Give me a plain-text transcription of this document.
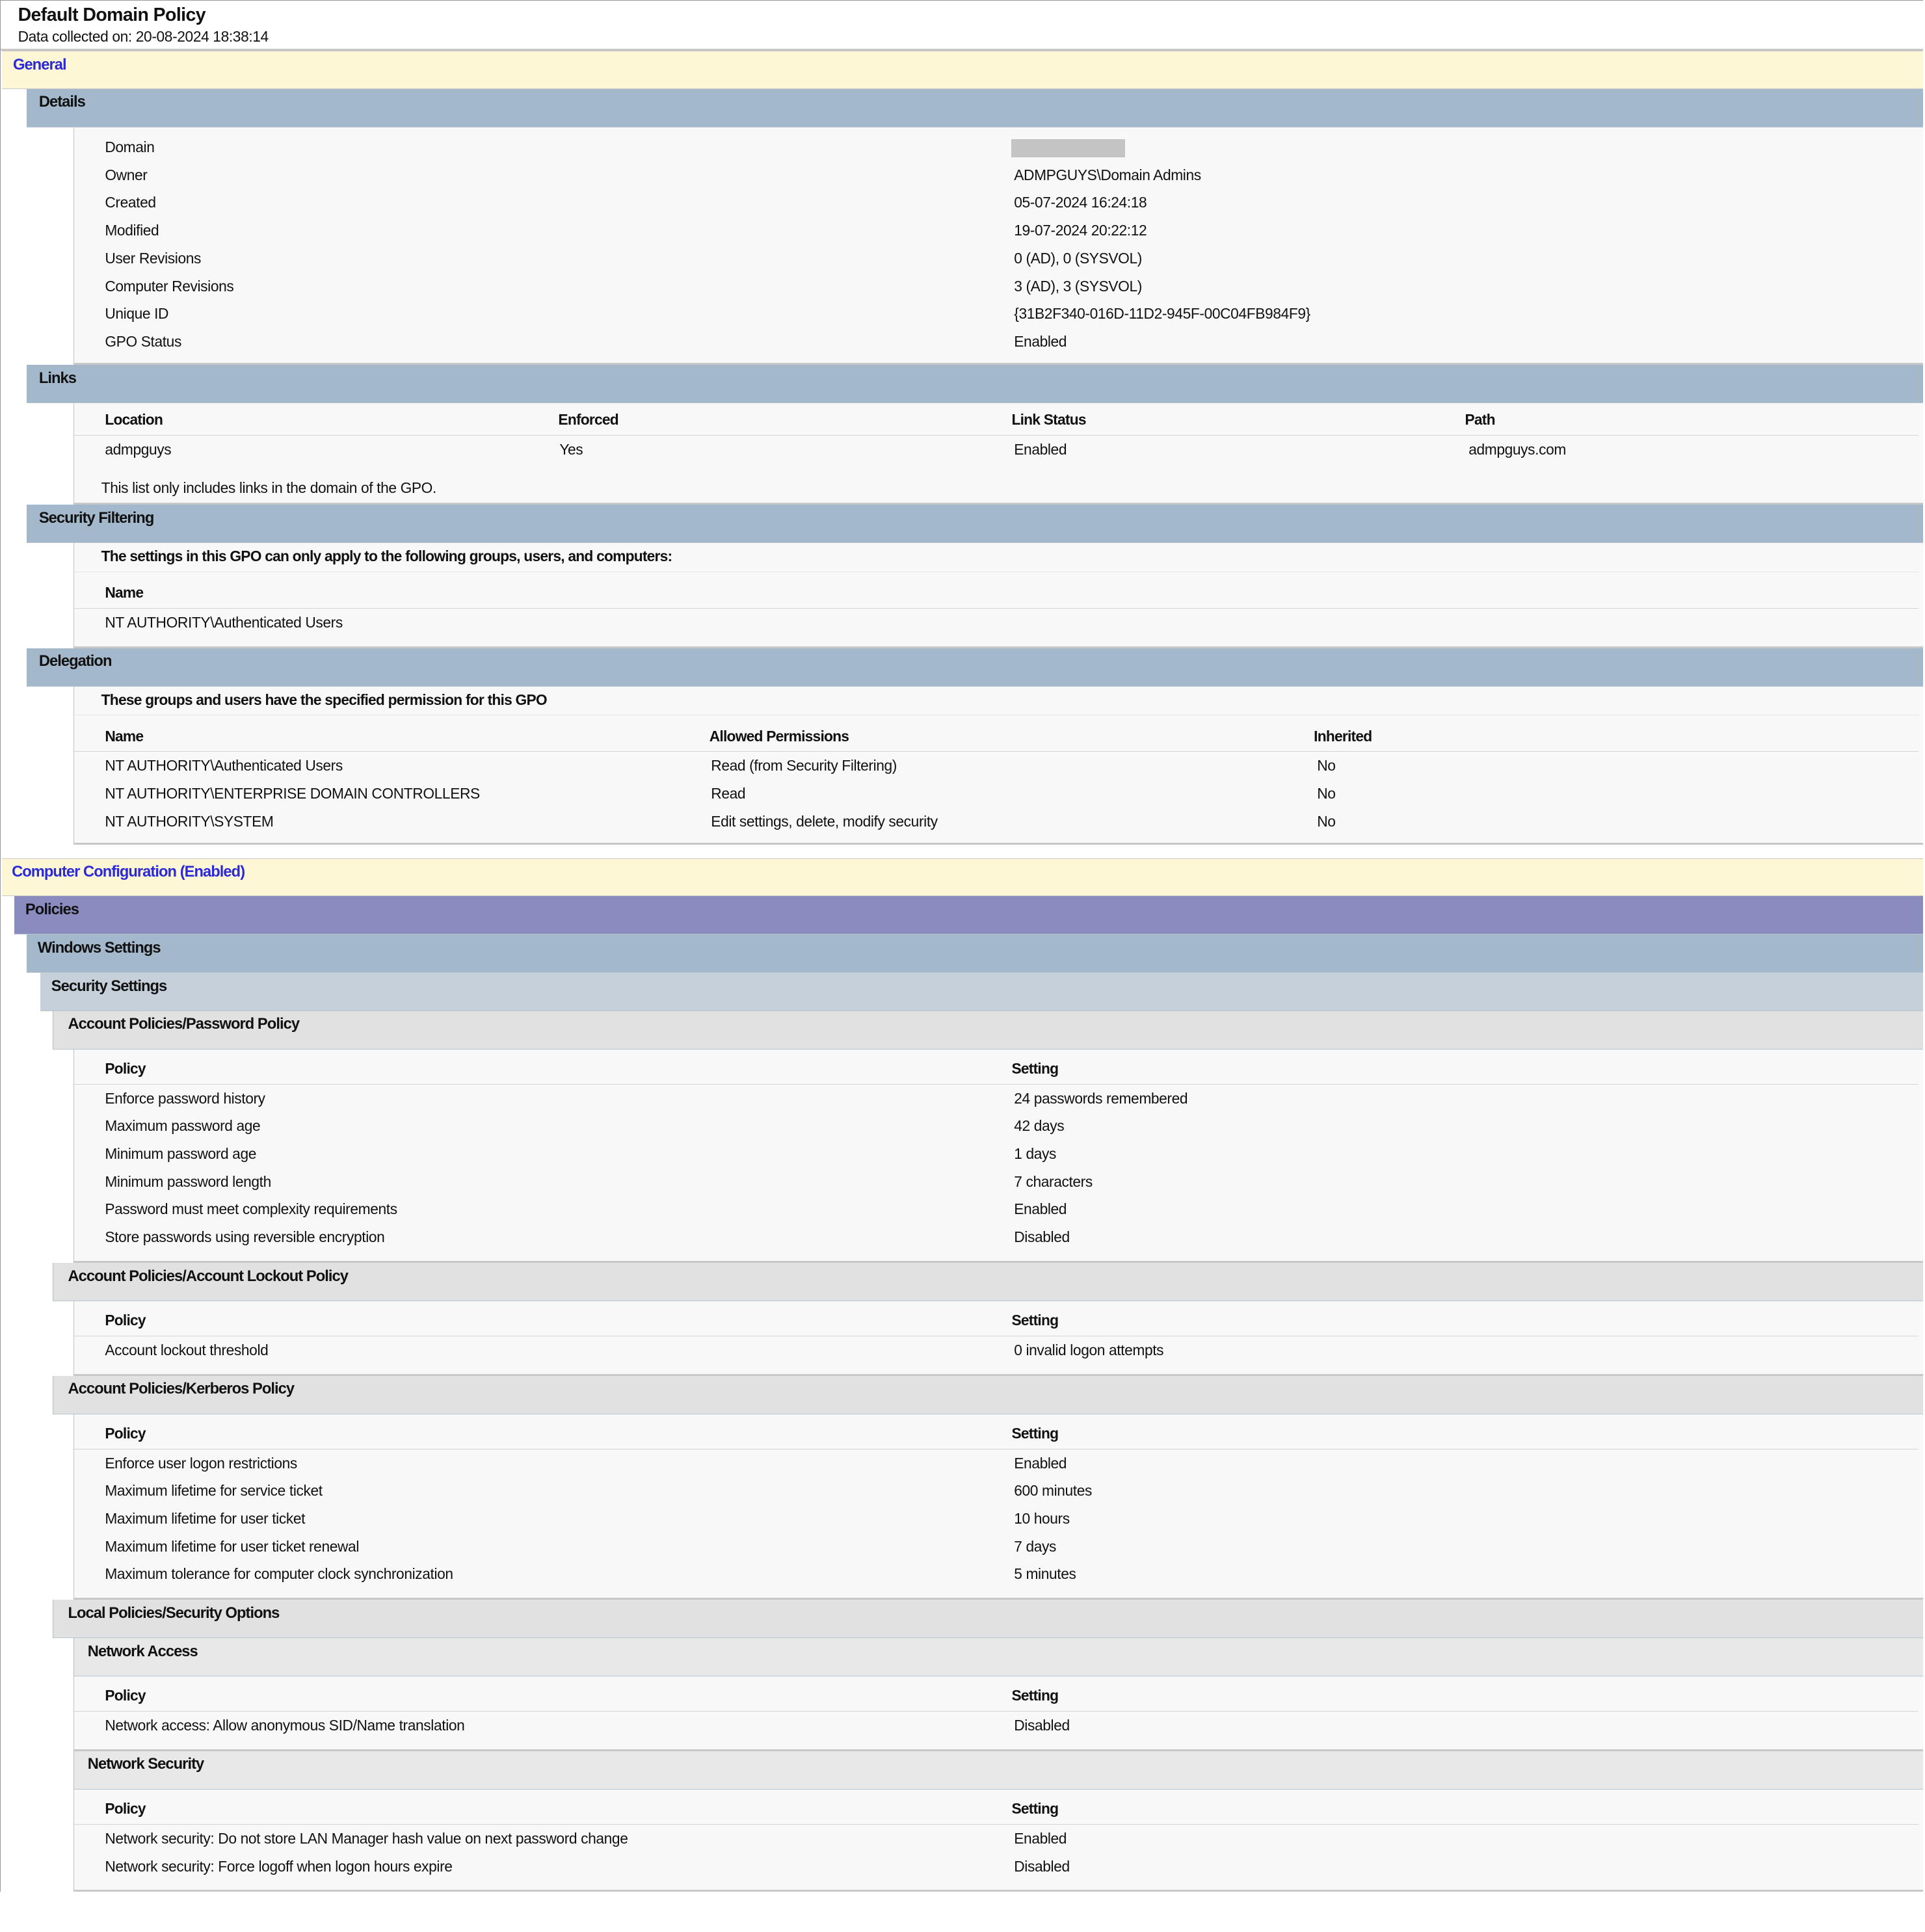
Default Domain Policy
Data collected on: 20-08-2024 18:38:14
General
Details
Domain
Owner	ADMPGUYS\Domain Admins
Created	05-07-2024 16:24:18
Modified	19-07-2024 20:22:12
User Revisions	0 (AD), 0 (SYSVOL)
Computer Revisions	3 (AD), 3 (SYSVOL)
Unique ID	{31B2F340-016D-11D2-945F-00C04FB984F9}
GPO Status	Enabled
Links
Location	Enforced	Link Status	Path
admpguys	Yes	Enabled	admpguys.com
This list only includes links in the domain of the GPO.
Security Filtering
The settings in this GPO can only apply to the following groups, users, and computers:
Name
NT AUTHORITY\Authenticated Users
Delegation
These groups and users have the specified permission for this GPO
Name	Allowed Permissions	Inherited
NT AUTHORITY\Authenticated Users	Read (from Security Filtering)	No
NT AUTHORITY\ENTERPRISE DOMAIN CONTROLLERS	Read	No
NT AUTHORITY\SYSTEM	Edit settings, delete, modify security	No
Computer Configuration (Enabled)
Policies
Windows Settings
Security Settings
Account Policies/Password Policy
Policy	Setting
Enforce password history	24 passwords remembered
Maximum password age	42 days
Minimum password age	1 days
Minimum password length	7 characters
Password must meet complexity requirements	Enabled
Store passwords using reversible encryption	Disabled
Account Policies/Account Lockout Policy
Policy	Setting
Account lockout threshold	0 invalid logon attempts
Account Policies/Kerberos Policy
Policy	Setting
Enforce user logon restrictions	Enabled
Maximum lifetime for service ticket	600 minutes
Maximum lifetime for user ticket	10 hours
Maximum lifetime for user ticket renewal	7 days
Maximum tolerance for computer clock synchronization	5 minutes
Local Policies/Security Options
Network Access
Policy	Setting
Network access: Allow anonymous SID/Name translation	Disabled
Network Security
Policy	Setting
Network security: Do not store LAN Manager hash value on next password change	Enabled
Network security: Force logoff when logon hours expire	Disabled
